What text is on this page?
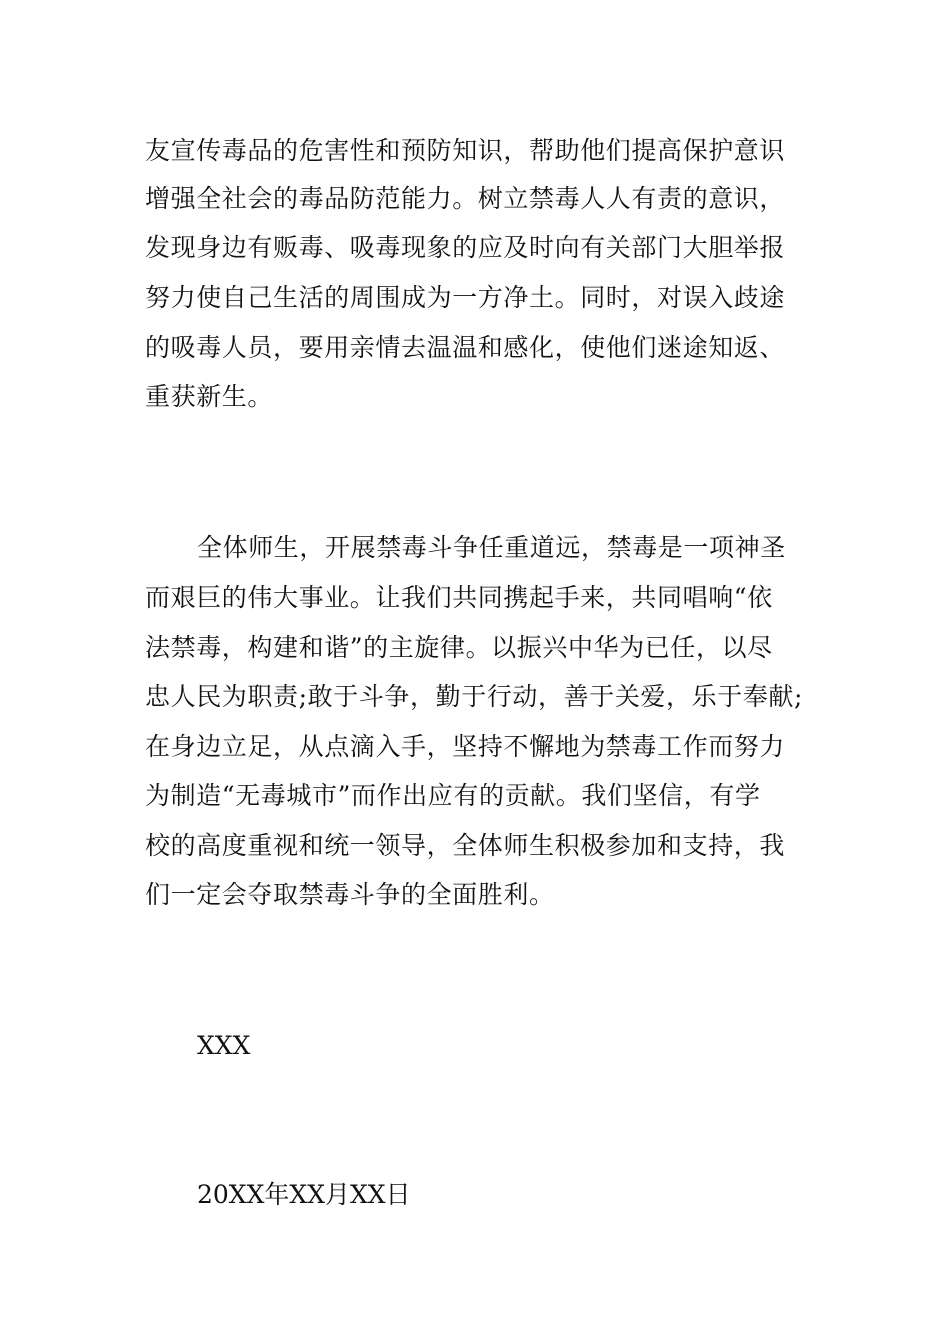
友宣传毒品的危害性和预防知识，帮助他们提高保护意识
增强全社会的毒品防范能力。树立禁毒人人有责的意识，
发现身边有贩毒、吸毒现象的应及时向有关部门大胆举报
努力使自己生活的周围成为一方净土。同时，对误入歧途
的吸毒人员，要用亲情去温温和感化，使他们迷途知返、
重获新生。
全体师生，开展禁毒斗争任重道远，禁毒是一项神圣
而艰巨的伟大事业。让我们共同携起手来，共同唱响“依
法禁毒，构建和谐”的主旋律。以振兴中华为已任，以尽
忠人民为职责;敢于斗争，勤于行动，善于关爱，乐于奉献;
在身边立足，从点滴入手，坚持不懈地为禁毒工作而努力
为制造“无毒城市”而作出应有的贡献。我们坚信，有学
校的高度重视和统一领导，全体师生积极参加和支持，我
们一定会夺取禁毒斗争的全面胜利。
XXX
20XX年XX月XX日
